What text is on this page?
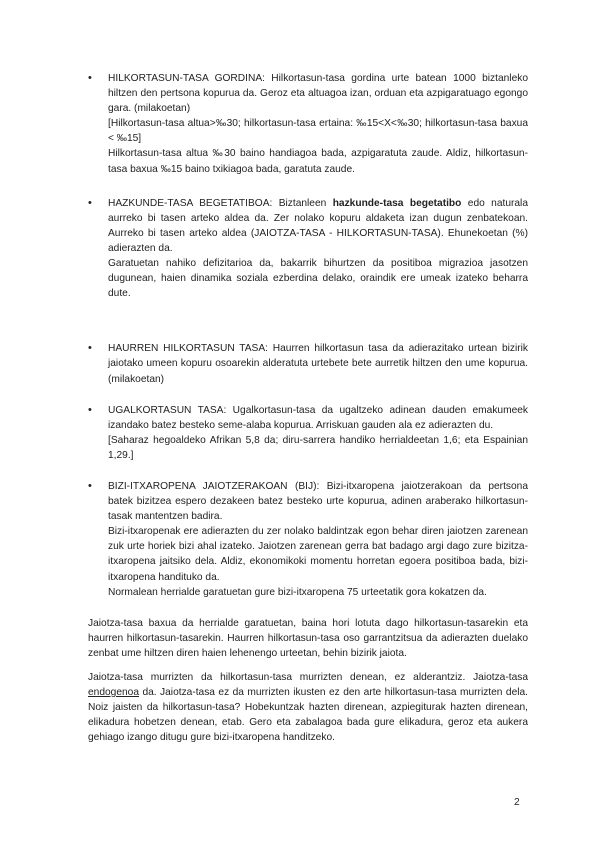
• HILKORTASUN-TASA GORDINA: Hilkortasun-tasa gordina urte batean 1000 biztanleko hiltzen den pertsona kopurua da. Geroz eta altuagoa izan, orduan eta azpigaratuago egongo gara. (milakoetan)

[Hilkortasun-tasa altua>‰30; hilkortasun-tasa ertaina: ‰15<X<‰30; hilkortasun-tasa baxua < ‰15]

Hilkortasun-tasa altua ‰30 baino handiagoa bada, azpigaratuta zaude. Aldiz, hilkortasun-tasa baxua ‰15 baino txikiagoa bada, garatuta zaude.

• HAZKUNDE-TASA BEGETATIBOA: Biztanleen hazkunde-tasa begetatibo edo naturala aurreko bi tasen arteko aldea da. Zer nolako kopuru aldaketa izan dugun zenbatekoan. Aurreko bi tasen arteko aldea (JAIOTZA-TASA - HILKORTASUN-TASA). Ehunekoetan (%) adierazten da.

Garatuetan nahiko defizitarioa da, bakarrik bihurtzen da positiboa migrazioa jasotzen dugunean, haien dinamika soziala ezberdina delako, oraindik ere umeak izateko beharra dute.

• HAURREN HILKORTASUN TASA: Haurren hilkortasun tasa da adierazitako urtean bizirik jaiotako umeen kopuru osoarekin alderatuta urtebete bete aurretik hiltzen den ume kopurua. (milakoetan)

• UGALKORTASUN TASA: Ugalkortasun-tasa da ugaltzeko adinean dauden emakumeek izandako batez besteko seme-alaba kopurua. Arriskuan gauden ala ez adierazten du.

[Saharaz hegoaldeko Afrikan 5,8 da; diru-sarrera handiko herrialdeetan 1,6; eta Espainian 1,29.]

• BIZI-ITXAROPENA JAIOTZERAKOAN (BIJ): Bizi-itxaropena jaiotzerakoan da pertsona batek bizitzea espero dezakeen batez besteko urte kopurua, adinen araberako hilkortasun-tasak mantentzen badira.

Bizi-itxaropenak ere adierazten du zer nolako baldintzak egon behar diren jaiotzen zarenean zuk urte horiek bizi ahal izateko. Jaiotzen zarenean gerra bat badago argi dago zure bizitza-itxaropena jaitsiko dela. Aldiz, ekonomikoki momentu horretan egoera positiboa bada, bizi-itxaropena handituko da.

Normalean herrialde garatuetan gure bizi-itxaropena 75 urteetatik gora kokatzen da.

Jaiotza-tasa baxua da herrialde garatuetan, baina hori lotuta dago hilkortasun-tasarekin eta haurren hilkortasun-tasarekin. Haurren hilkortasun-tasa oso garrantzitsua da adierazten duelako zenbat ume hiltzen diren haien lehenengo urteetan, behin bizirik jaiota.

Jaiotza-tasa murrizten da hilkortasun-tasa murrizten denean, ez alderantziz. Jaiotza-tasa endogenoa da. Jaiotza-tasa ez da murrizten ikusten ez den arte hilkortasun-tasa murrizten dela. Noiz jaisten da hilkortasun-tasa? Hobekuntzak hazten direnean, azpiegiturak hazten direnean, elikadura hobetzen denean, etab. Gero eta zabalagoa bada gure elikadura, geroz eta aukera gehiago izango ditugu gure bizi-itxaropena handitzeko.

2
